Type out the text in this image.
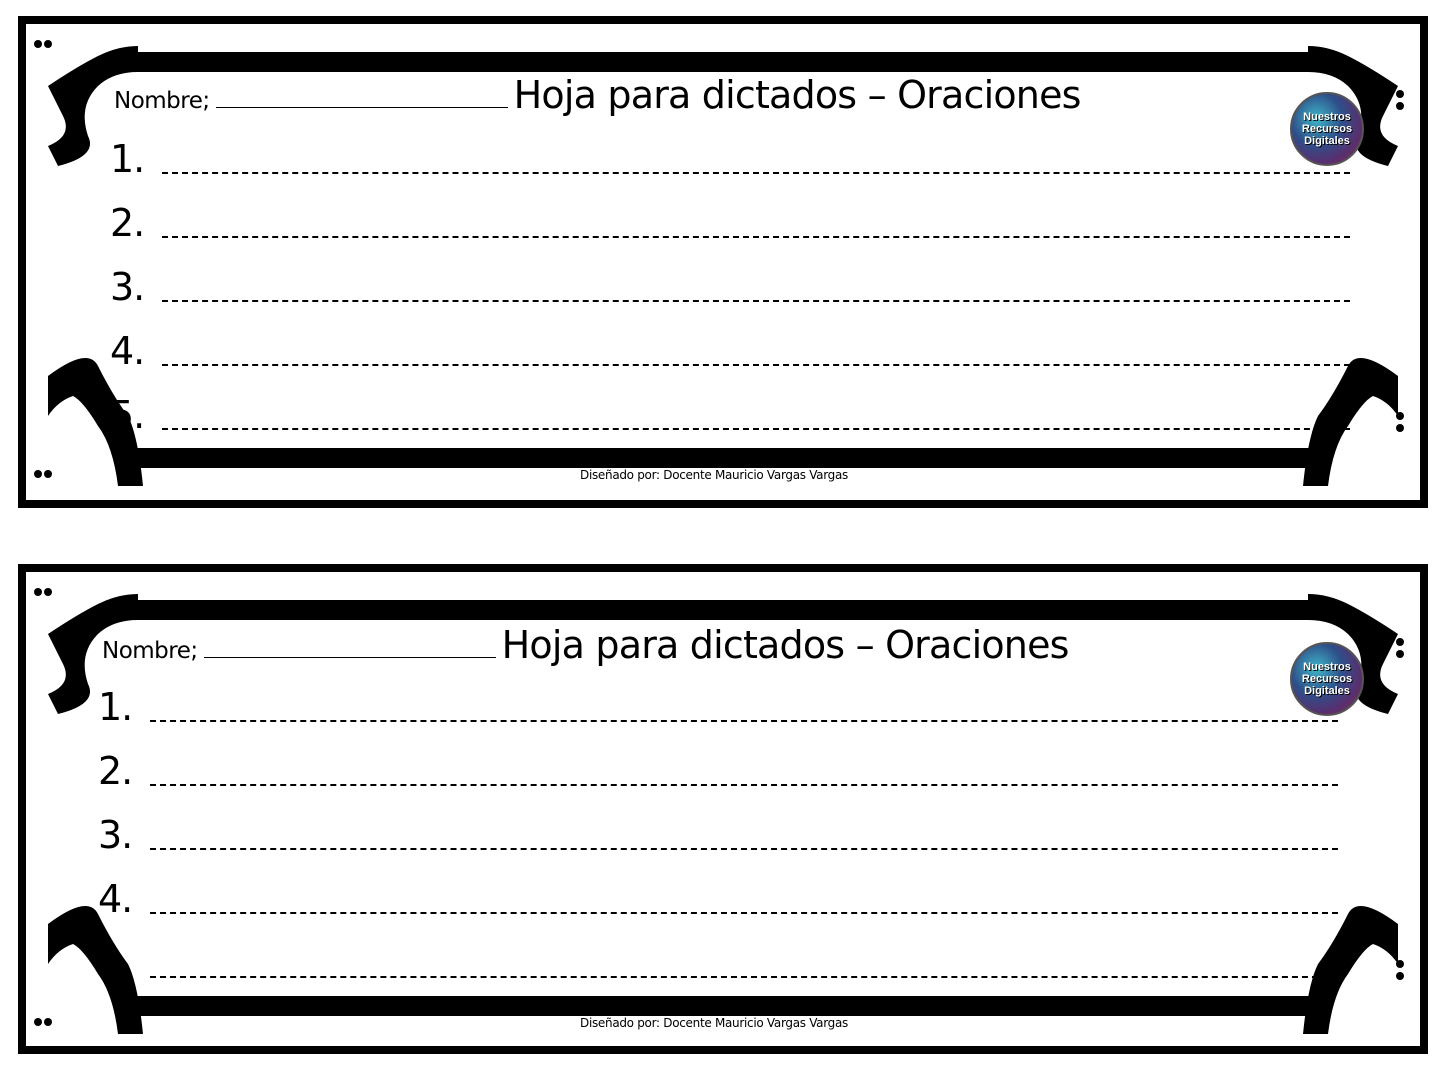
Nombre;	Hoja para dictados – Oraciones	Nuestros
Recursos
Digitales
1.
2.
3.
4.
5.
Diseñado por: Docente Mauricio Vargas Vargas
Nombre;	Hoja para dictados – Oraciones	Nuestros
Recursos
Digitales
1.
2.
3.
4.
5.
Diseñado por: Docente Mauricio Vargas Vargas
